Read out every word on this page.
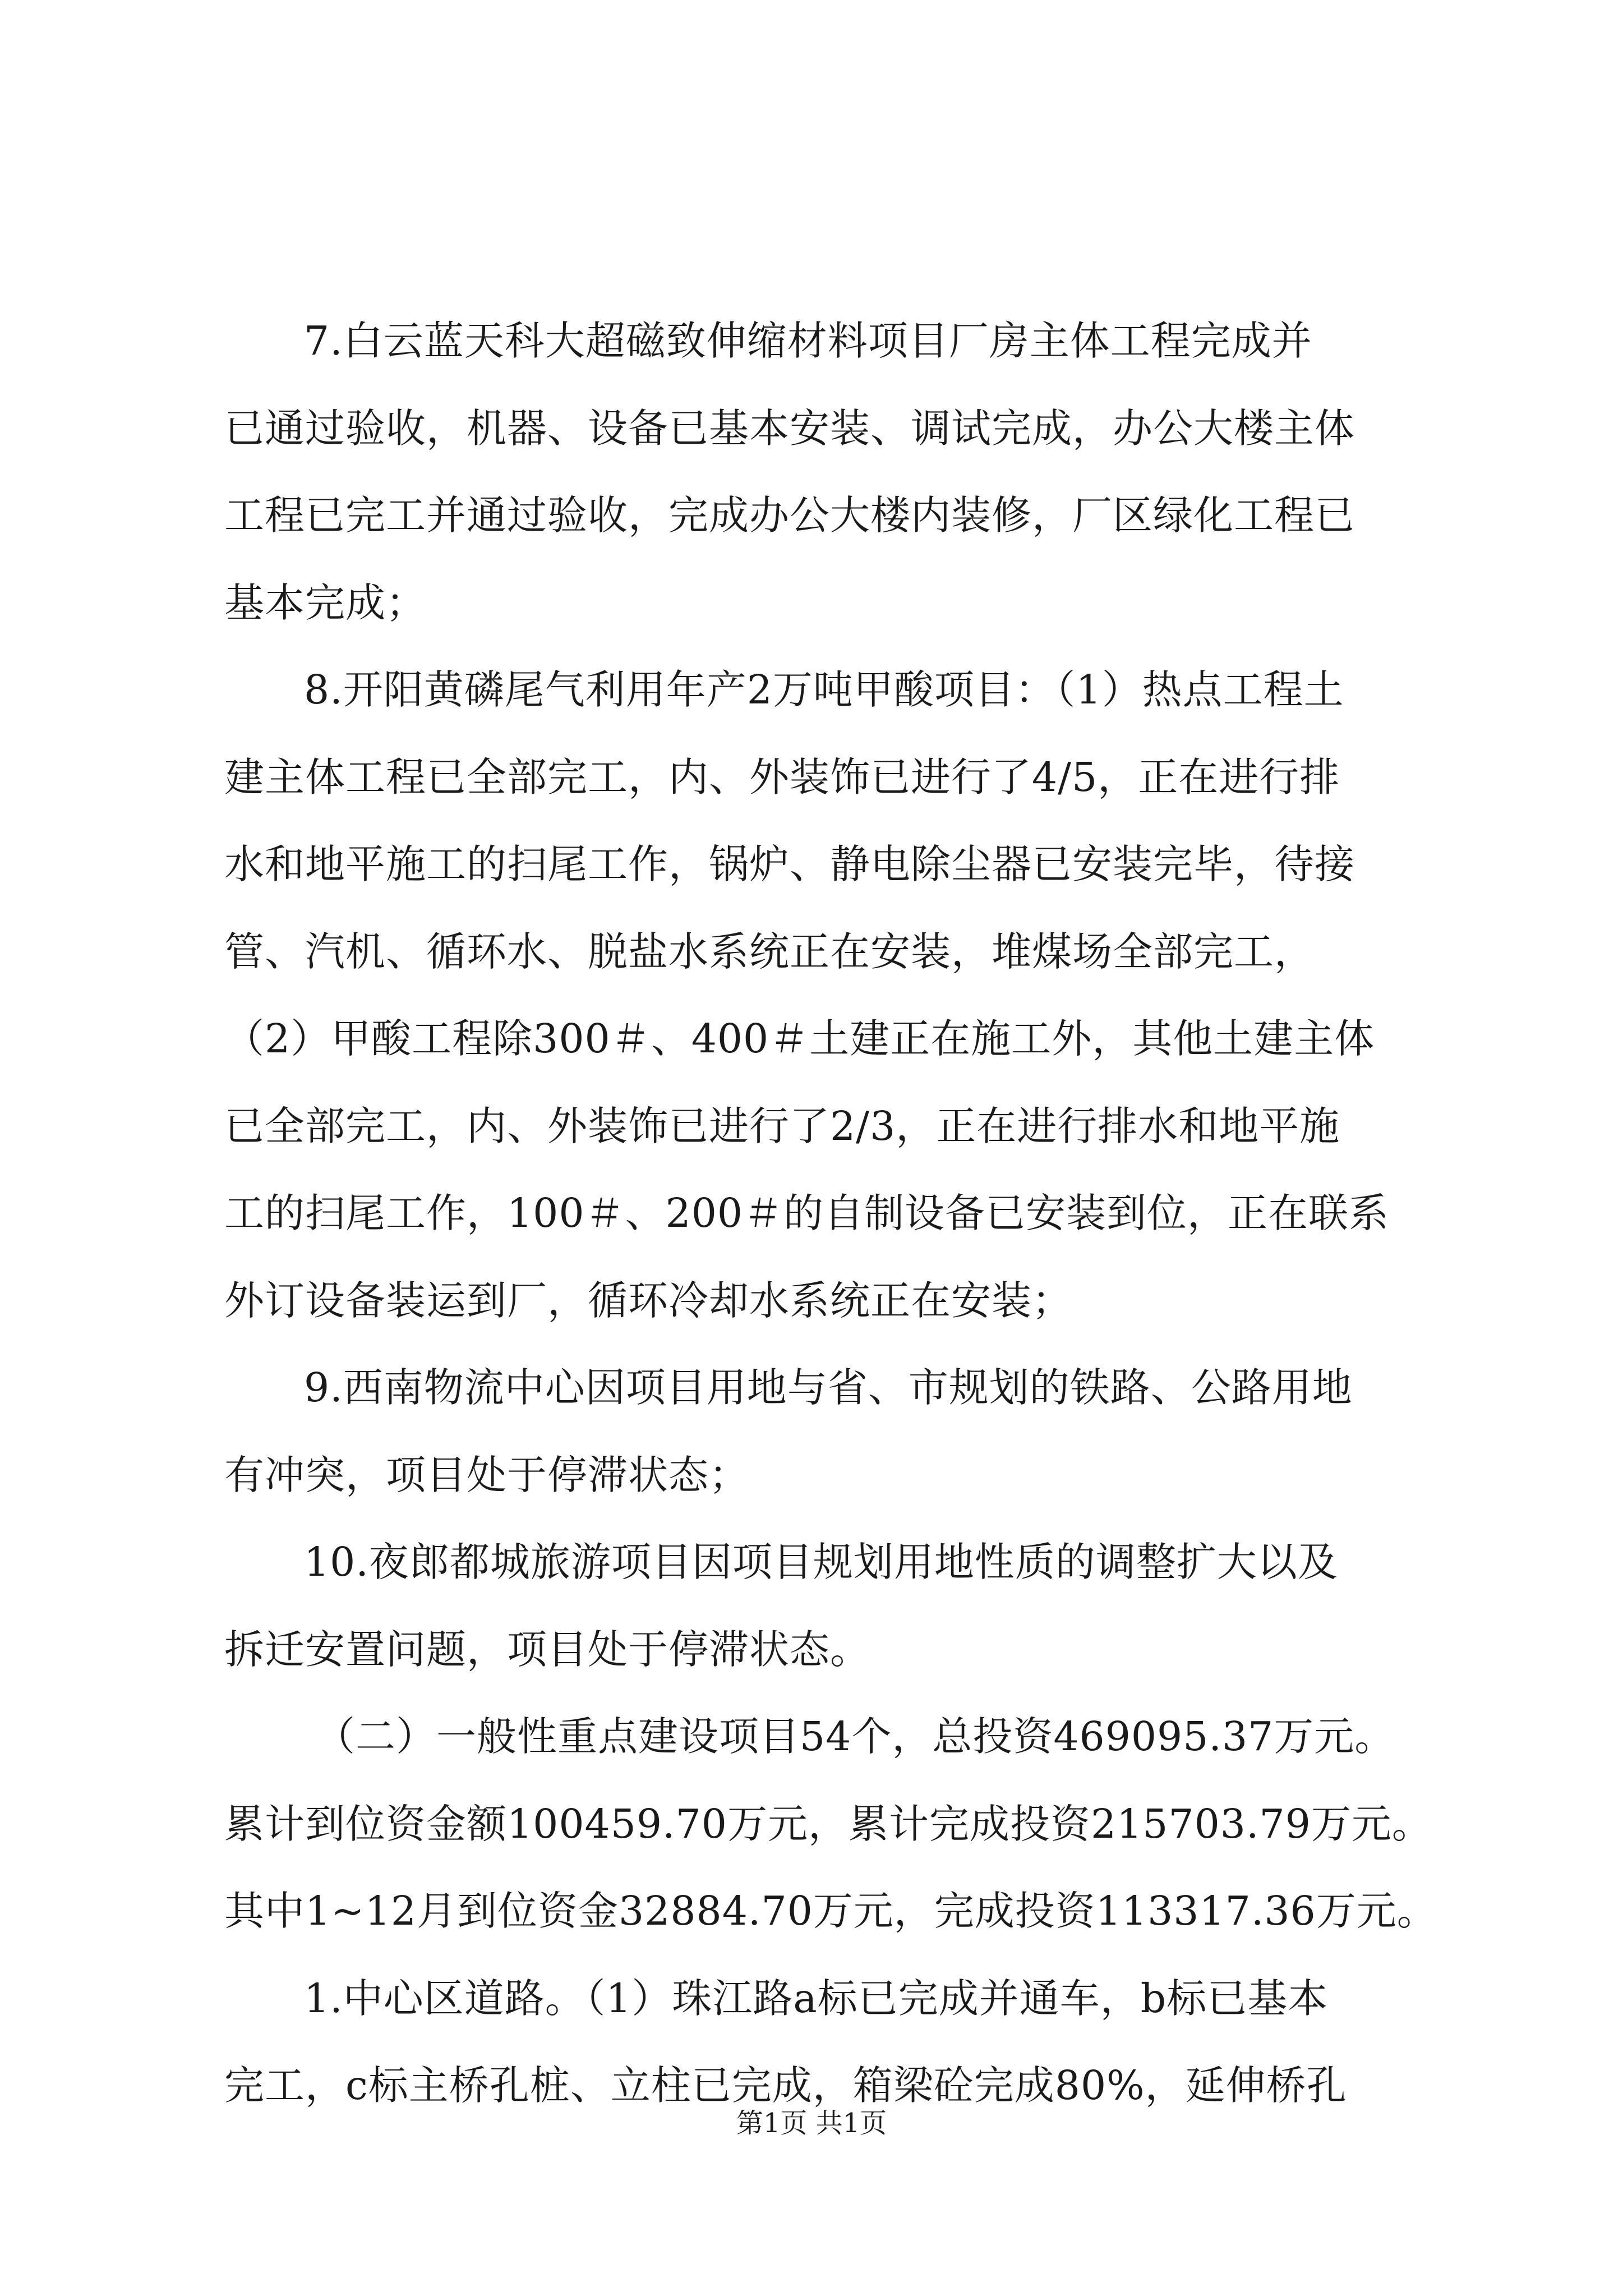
7.白云蓝天科大超磁致伸缩材料项目厂房主体工程完成并
已通过验收，机器、设备已基本安装、调试完成，办公大楼主体
工程已完工并通过验收，完成办公大楼内装修，厂区绿化工程已
基本完成；
8.开阳黄磷尾气利用年产2万吨甲酸项目：（1）热点工程土
建主体工程已全部完工，内、外装饰已进行了4/5，正在进行排
水和地平施工的扫尾工作，锅炉、静电除尘器已安装完毕，待接
管、汽机、循环水、脱盐水系统正在安装，堆煤场全部完工，
（2）甲酸工程除300＃、400＃土建正在施工外，其他土建主体
已全部完工，内、外装饰已进行了2/3，正在进行排水和地平施
工的扫尾工作，100＃、200＃的自制设备已安装到位，正在联系
外订设备装运到厂，循环冷却水系统正在安装；
9.西南物流中心因项目用地与省、市规划的铁路、公路用地
有冲突，项目处于停滞状态；
10.夜郎都城旅游项目因项目规划用地性质的调整扩大以及
拆迁安置问题，项目处于停滞状态。
（二）一般性重点建设项目54个，总投资469095.37万元。
累计到位资金额100459.70万元，累计完成投资215703.79万元。
其中1~12月到位资金32884.70万元，完成投资113317.36万元。
1.中心区道路。（1）珠江路a标已完成并通车，b标已基本
完工，c标主桥孔桩、立柱已完成，箱梁砼完成80%，延伸桥孔
第1页 共1页
